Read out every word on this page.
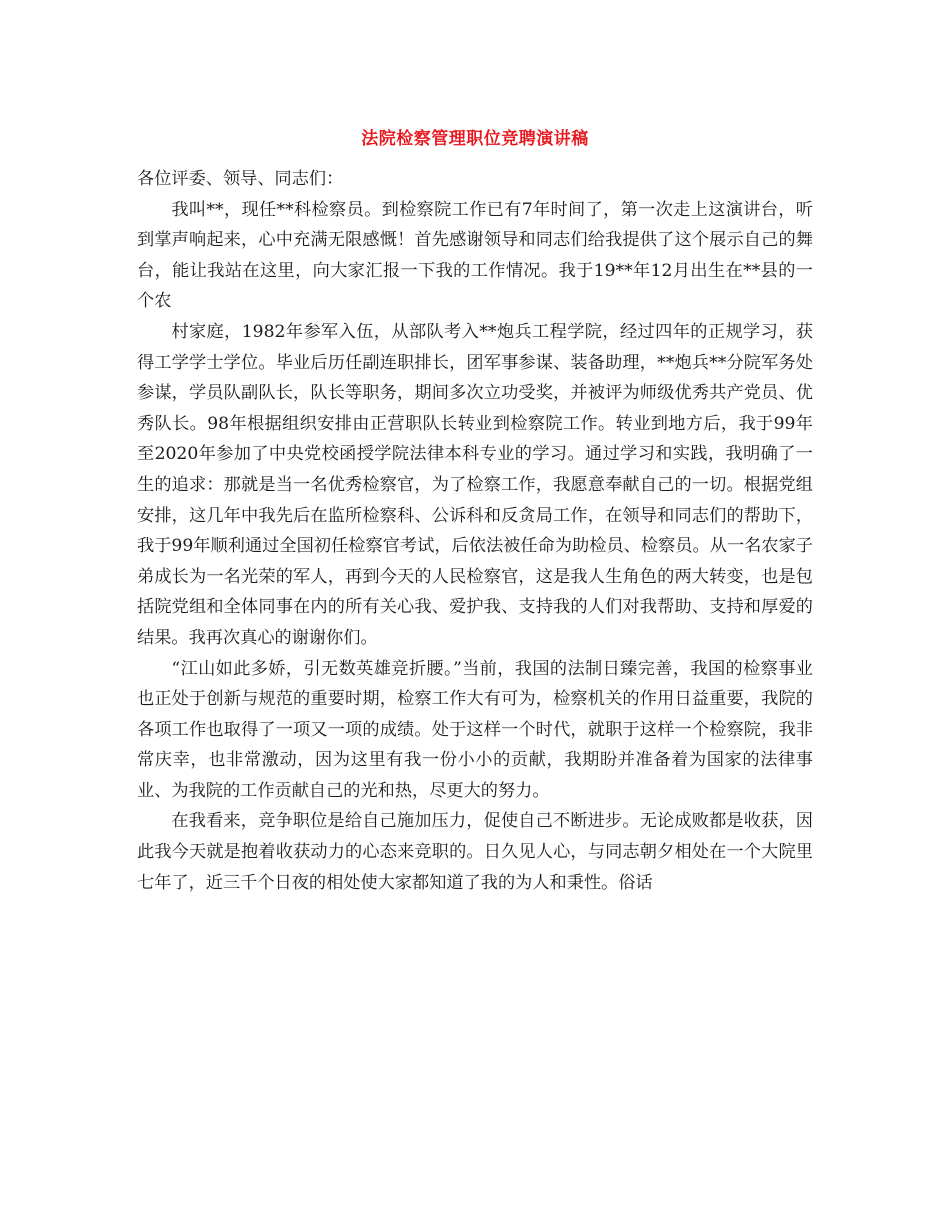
法院检察管理职位竞聘演讲稿

各位评委、领导、同志们：

我叫**，现任**科检察员。到检察院工作已有7年时间了，第一次走上这演讲台，听到掌声响起来，心中充满无限感慨！首先感谢领导和同志们给我提供了这个展示自己的舞台，能让我站在这里，向大家汇报一下我的工作情况。我于19**年12月出生在**县的一个农

村家庭，1982年参军入伍，从部队考入**炮兵工程学院，经过四年的正规学习，获得工学学士学位。毕业后历任副连职排长，团军事参谋、装备助理，**炮兵**分院军务处参谋，学员队副队长，队长等职务，期间多次立功受奖，并被评为师级优秀共产党员、优秀队长。98年根据组织安排由正营职队长转业到检察院工作。转业到地方后，我于99年至2020年参加了中央党校函授学院法律本科专业的学习。通过学习和实践，我明确了一生的追求：那就是当一名优秀检察官，为了检察工作，我愿意奉献自己的一切。根据党组安排，这几年中我先后在监所检察科、公诉科和反贪局工作，在领导和同志们的帮助下，我于99年顺利通过全国初任检察官考试，后依法被任命为助检员、检察员。从一名农家子弟成长为一名光荣的军人，再到今天的人民检察官，这是我人生角色的两大转变，也是包括院党组和全体同事在内的所有关心我、爱护我、支持我的人们对我帮助、支持和厚爱的结果。我再次真心的谢谢你们。

“江山如此多娇，引无数英雄竞折腰。”当前，我国的法制日臻完善，我国的检察事业也正处于创新与规范的重要时期，检察工作大有可为，检察机关的作用日益重要，我院的各项工作也取得了一项又一项的成绩。处于这样一个时代，就职于这样一个检察院，我非常庆幸，也非常激动，因为这里有我一份小小的贡献，我期盼并准备着为国家的法律事业、为我院的工作贡献自己的光和热，尽更大的努力。

在我看来，竞争职位是给自己施加压力，促使自己不断进步。无论成败都是收获，因此我今天就是抱着收获动力的心态来竞职的。日久见人心，与同志朝夕相处在一个大院里七年了，近三千个日夜的相处使大家都知道了我的为人和秉性。俗话
